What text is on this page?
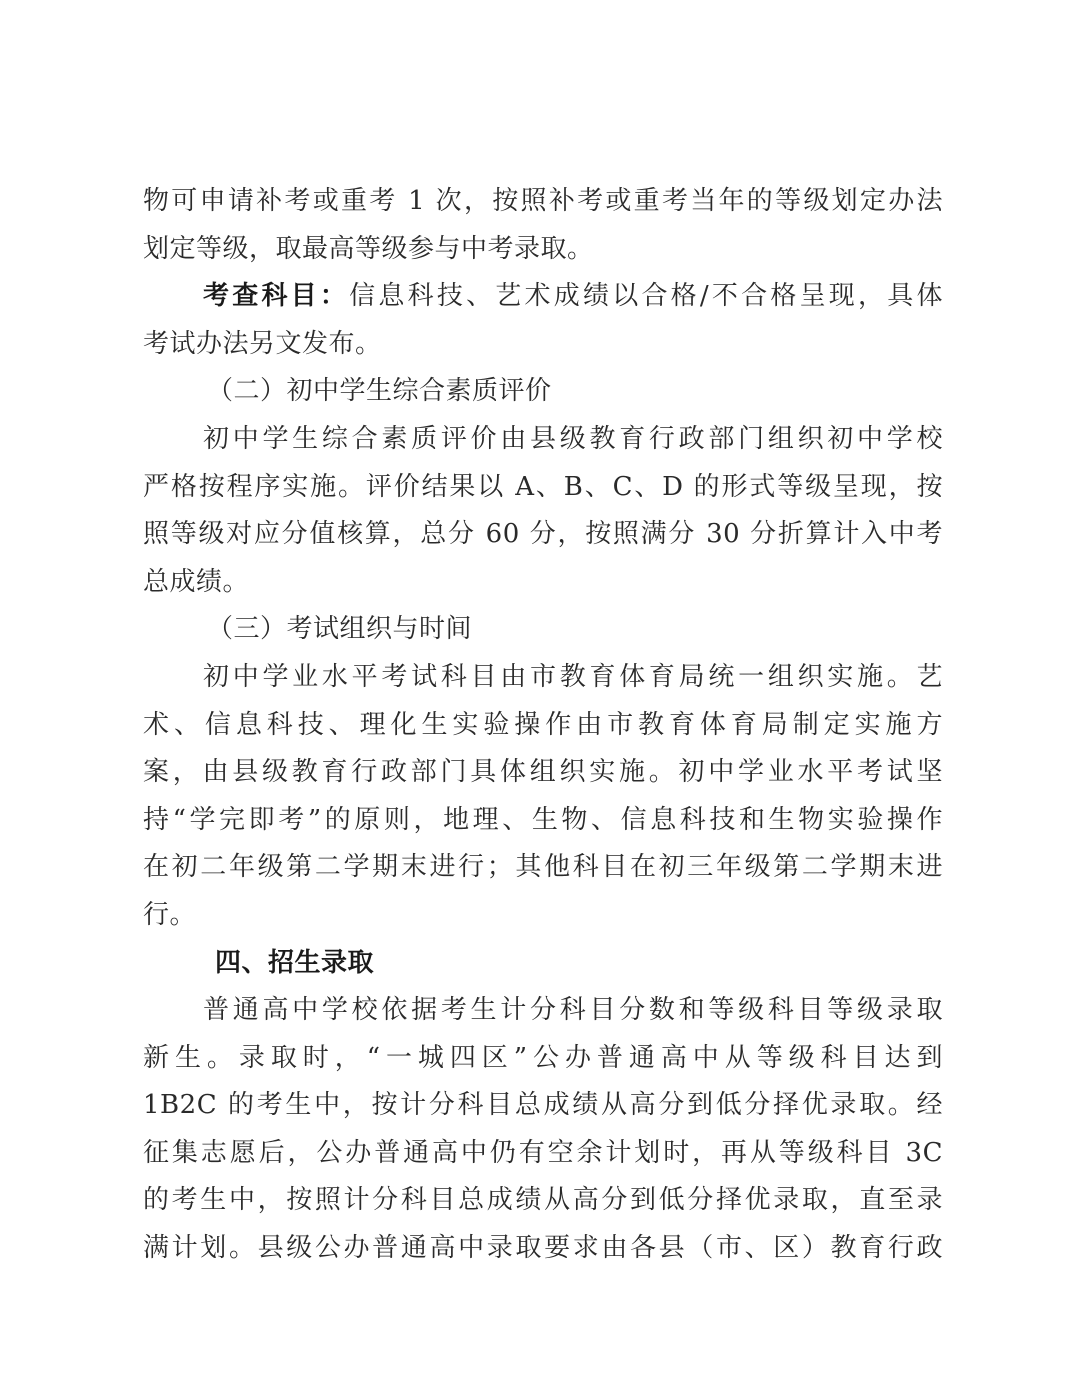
物可申请补考或重考 1 次，按照补考或重考当年的等级划定办法
划定等级，取最高等级参与中考录取。
考查科目：信息科技、艺术成绩以合格/不合格呈现，具体
考试办法另文发布。
（二）初中学生综合素质评价
初中学生综合素质评价由县级教育行政部门组织初中学校
严格按程序实施。评价结果以 A、B、C、D 的形式等级呈现，按
照等级对应分值核算，总分 60 分，按照满分 30 分折算计入中考
总成绩。
（三）考试组织与时间
初中学业水平考试科目由市教育体育局统一组织实施。艺
术、信息科技、理化生实验操作由市教育体育局制定实施方
案，由县级教育行政部门具体组织实施。初中学业水平考试坚
持“学完即考”的原则，地理、生物、信息科技和生物实验操作
在初二年级第二学期末进行；其他科目在初三年级第二学期末进
行。
四、招生录取
普通高中学校依据考生计分科目分数和等级科目等级录取
新生。录取时，“一城四区”公办普通高中从等级科目达到
1B2C 的考生中，按计分科目总成绩从高分到低分择优录取。经
征集志愿后，公办普通高中仍有空余计划时，再从等级科目 3C
的考生中，按照计分科目总成绩从高分到低分择优录取，直至录
满计划。县级公办普通高中录取要求由各县（市、区）教育行政
